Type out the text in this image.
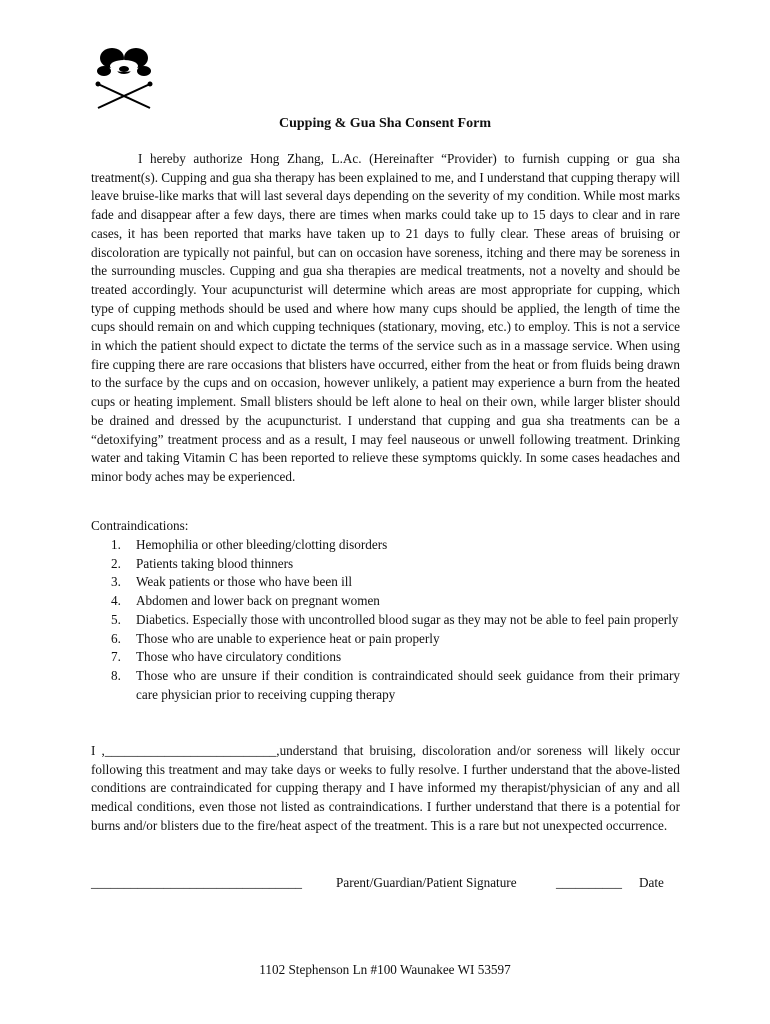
Cupping & Gua Sha Consent Form

I hereby authorize Hong Zhang, L.Ac. (Hereinafter “Provider) to furnish cupping or gua sha treatment(s). Cupping and gua sha therapy has been explained to me, and I understand that cupping therapy will leave bruise-like marks that will last several days depending on the severity of my condition. While most marks fade and disappear after a few days, there are times when marks could take up to 15 days to clear and in rare cases, it has been reported that marks have taken up to 21 days to fully clear. These areas of bruising or discoloration are typically not painful, but can on occasion have soreness, itching and there may be soreness in the surrounding muscles. Cupping and gua sha therapies are medical treatments, not a novelty and should be treated accordingly. Your acupuncturist will determine which areas are most appropriate for cupping, which type of cupping methods should be used and where how many cups should be applied, the length of time the cups should remain on and which cupping techniques (stationary, moving, etc.) to employ. This is not a service in which the patient should expect to dictate the terms of the service such as in a massage service. When using fire cupping there are rare occasions that blisters have occurred, either from the heat or from fluids being drawn to the surface by the cups and on occasion, however unlikely, a patient may experience a burn from the heated cups or heating implement. Small blisters should be left alone to heal on their own, while larger blister should be drained and dressed by the acupuncturist. I understand that cupping and gua sha treatments can be a “detoxifying” treatment process and as a result, I may feel nauseous or unwell following treatment. Drinking water and taking Vitamin C has been reported to relieve these symptoms quickly. In some cases headaches and minor body aches may be experienced.

Contraindications:

1. Hemophilia or other bleeding/clotting disorders
2. Patients taking blood thinners
3. Weak patients or those who have been ill
4. Abdomen and lower back on pregnant women
5. Diabetics. Especially those with uncontrolled blood sugar as they may not be able to feel pain properly
6. Those who are unable to experience heat or pain properly
7. Those who have circulatory conditions
8. Those who are unsure if their condition is contraindicated should seek guidance from their primary care physician prior to receiving cupping therapy

I ,__________________________,understand that bruising, discoloration and/or soreness will likely occur following this treatment and may take days or weeks to fully resolve. I further understand that the above-listed conditions are contraindicated for cupping therapy and I have informed my therapist/physician of any and all medical conditions, even those not listed as contraindications. I further understand that there is a potential for burns and/or blisters due to the fire/heat aspect of the treatment. This is a rare but not unexpected occurrence.

________________________________	Parent/Guardian/Patient Signature	__________ Date

1102 Stephenson Ln #100 Waunakee WI 53597
